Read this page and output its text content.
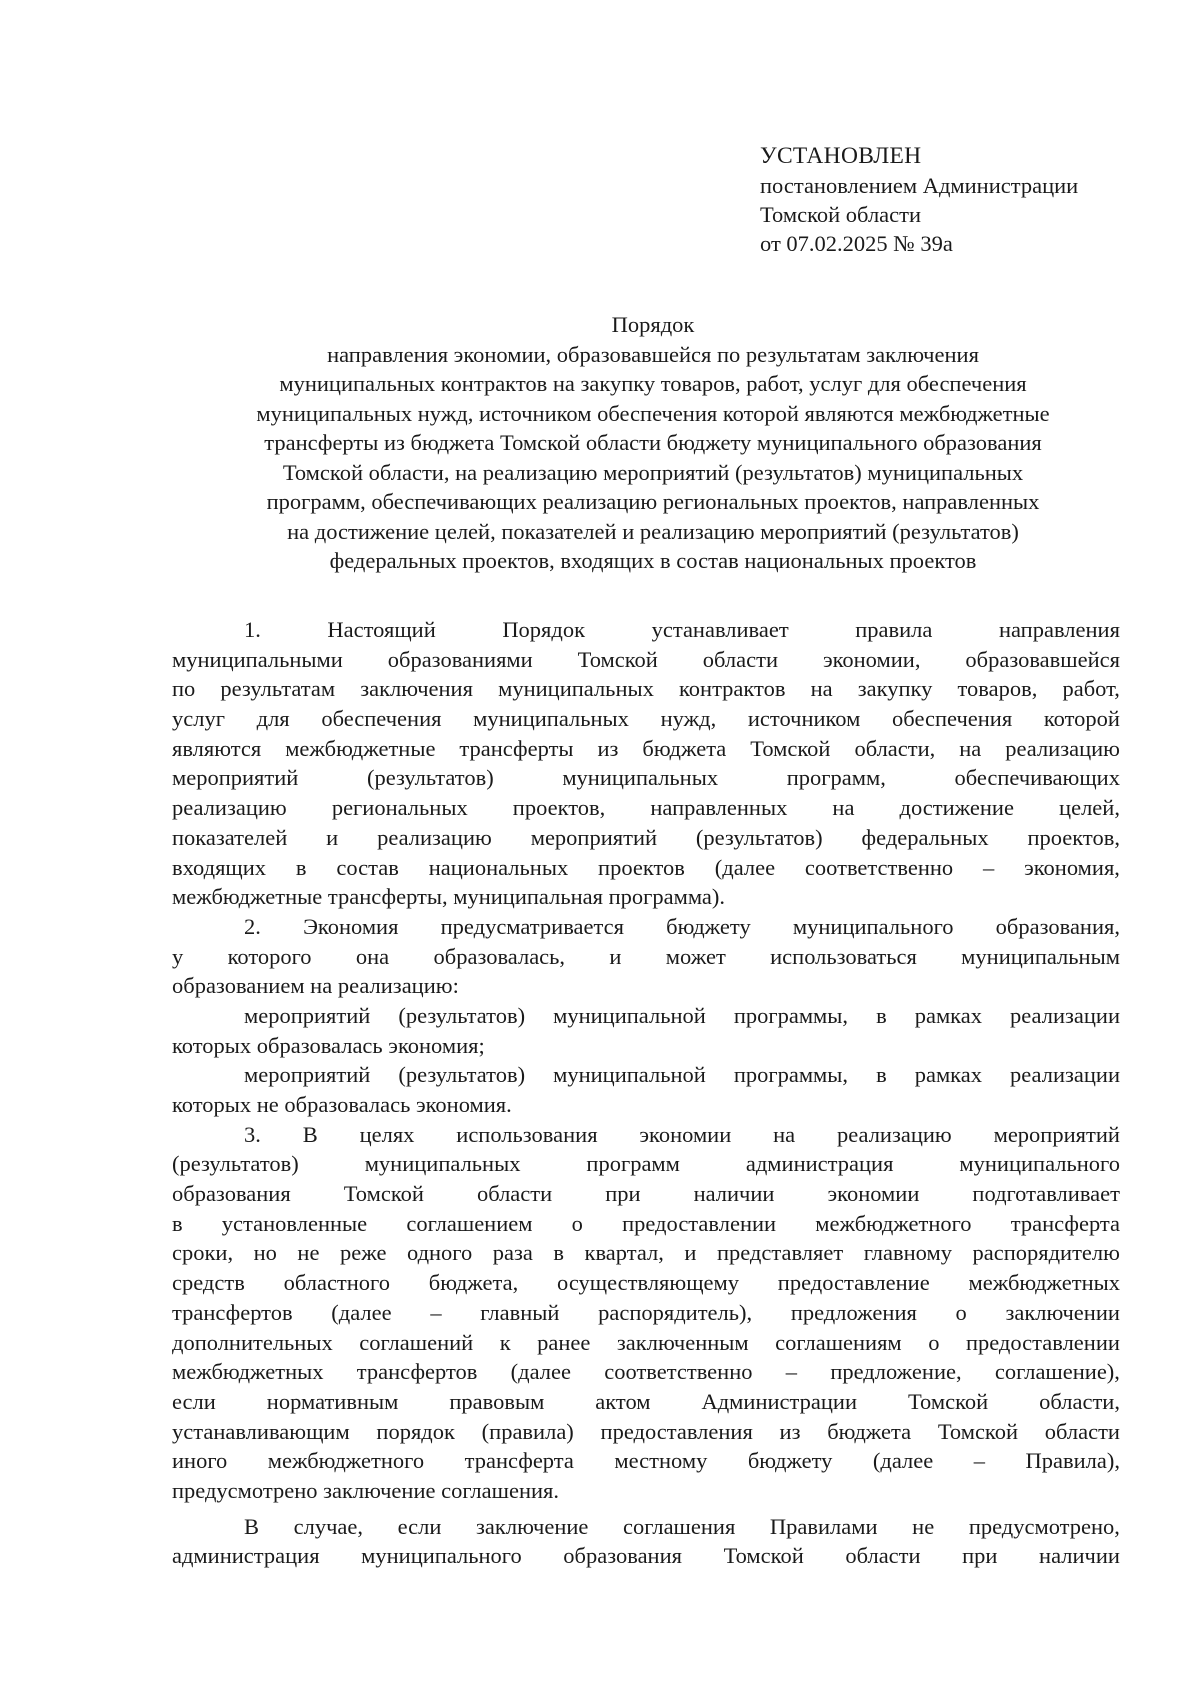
УСТАНОВЛЕН
постановлением Администрации
Томской области
от 07.02.2025 № 39а
Порядок
направления экономии, образовавшейся по результатам заключения
муниципальных контрактов на закупку товаров, работ, услуг для обеспечения
муниципальных нужд, источником обеспечения которой являются межбюджетные
трансферты из бюджета Томской области бюджету муниципального образования
Томской области, на реализацию мероприятий (результатов) муниципальных
программ, обеспечивающих реализацию региональных проектов, направленных
на достижение целей, показателей и реализацию мероприятий (результатов)
федеральных проектов, входящих в состав национальных проектов
1.	Настоящий	Порядок	устанавливает	правила	направления
муниципальными образованиями Томской области экономии, образовавшейся
по результатам заключения муниципальных контрактов на закупку товаров, работ,
услуг для обеспечения муниципальных нужд, источником обеспечения которой
являются межбюджетные трансферты из бюджета Томской области, на реализацию
мероприятий	(результатов)	муниципальных	программ,	обеспечивающих
реализацию региональных проектов, направленных на достижение целей,
показателей и реализацию мероприятий (результатов) федеральных проектов,
входящих в состав национальных проектов (далее соответственно – экономия,
межбюджетные трансферты, муниципальная программа).
2. Экономия предусматривается бюджету муниципального образования,
у которого она образовалась, и может использоваться муниципальным
образованием на реализацию:
мероприятий (результатов) муниципальной программы, в рамках реализации
которых образовалась экономия;
мероприятий (результатов) муниципальной программы, в рамках реализации
которых не образовалась экономия.
3. В целях использования экономии на реализацию мероприятий
(результатов)	муниципальных	программ	администрация	муниципального
образования Томской области при наличии экономии подготавливает
в установленные соглашением о предоставлении межбюджетного трансферта
сроки, но не реже одного раза в квартал, и представляет главному распорядителю
средств областного бюджета, осуществляющему предоставление межбюджетных
трансфертов (далее – главный распорядитель), предложения о заключении
дополнительных соглашений к ранее заключенным соглашениям о предоставлении
межбюджетных трансфертов (далее соответственно – предложение, соглашение),
если нормативным правовым актом Администрации Томской области,
устанавливающим порядок (правила) предоставления из бюджета Томской области
иного межбюджетного трансферта местному бюджету (далее – Правила),
предусмотрено заключение соглашения.
В случае, если заключение соглашения Правилами не предусмотрено,
администрация муниципального образования Томской области при наличии
